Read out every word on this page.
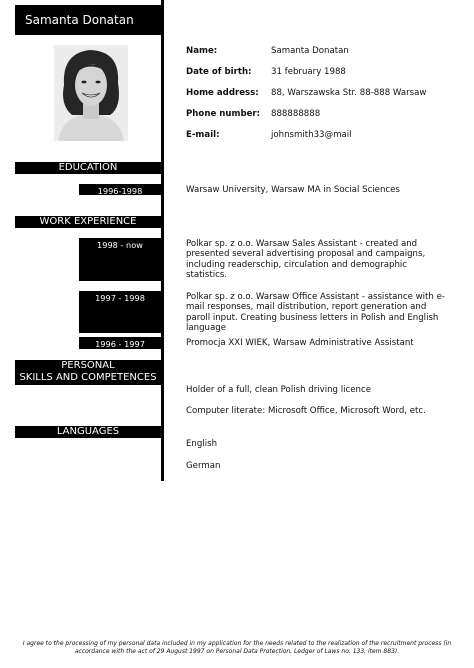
Samanta Donatan
Name:	Samanta Donatan
Date of birth: 31 february 1988
Home address: 88, Warszawska Str. 88-888 Warsaw
Phone number: 888888888
E-mail:	johnsmith33@mail
EDUCATION
1996-1998	Warsaw University, Warsaw MA in Social Sciences
WORK EXPERIENCE
1998 - now	Polkar sp. z o.o. Warsaw Sales Assistant - created and presented several advertising proposal and campaigns, including readerschip, circulation and demographic statistics.
1997 - 1998	Polkar sp. z o.o. Warsaw Office Assistant - assistance with e-mail responses, mail distribution, report generation and paroll input. Creating business letters in Polish and English language
1996 - 1997	Promocja XXI WIEK, Warsaw Administrative Assistant
PERSONAL
SKILLS AND COMPETENCES
Holder of a full, clean Polish driving licence
Computer literate: Microsoft Office, Microsoft Word, etc.
LANGUAGES
English
German
I agree to the processing of my personal data included in my application for the needs related to the realization of the recruitment process (in accordance with the act of 29 August 1997 on Personal Data Protection, Ledger of Laws no. 133, item 883).
